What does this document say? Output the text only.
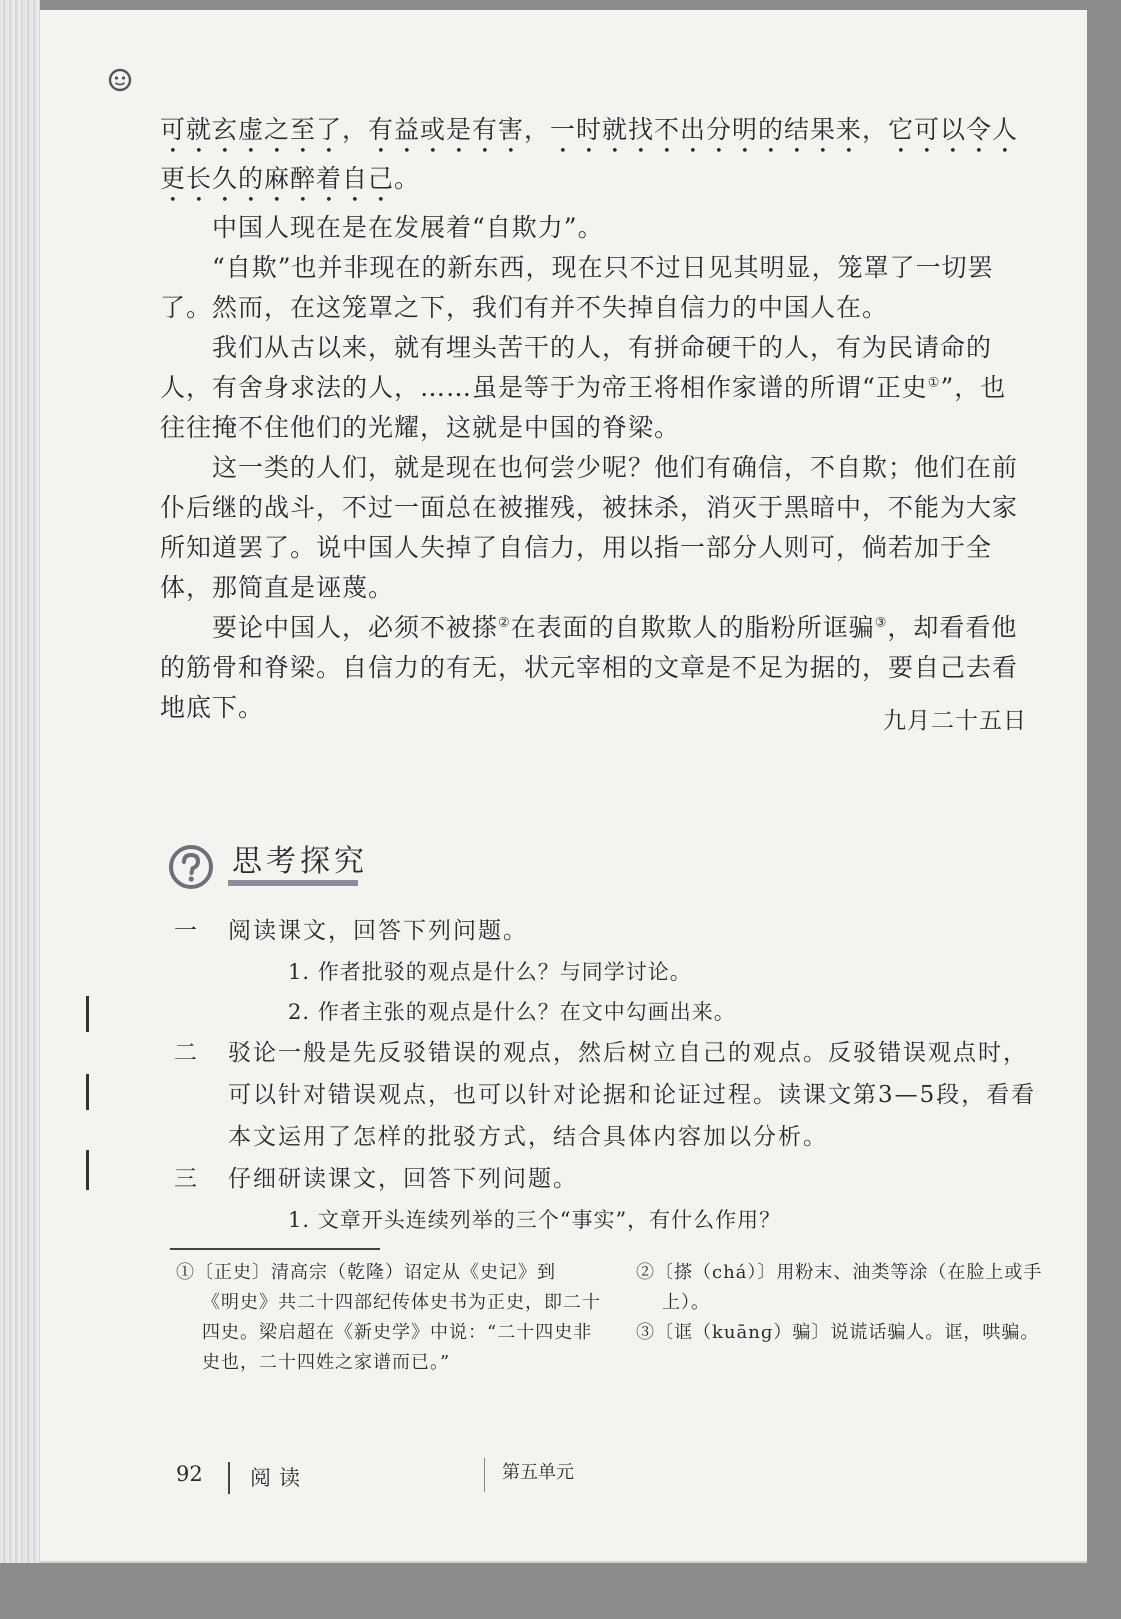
可就玄虚之至了，有益或是有害，一时就找不出分明的结果来，它可以令人更长久的麻醉着自己。

中国人现在是在发展着“自欺力”。

“自欺”也并非现在的新东西，现在只不过日见其明显，笼罩了一切罢了。然而，在这笼罩之下，我们有并不失掉自信力的中国人在。

我们从古以来，就有埋头苦干的人，有拼命硬干的人，有为民请命的人，有舍身求法的人，……虽是等于为帝王将相作家谱的所谓“正史①”，也往往掩不住他们的光耀，这就是中国的脊梁。

这一类的人们，就是现在也何尝少呢？他们有确信，不自欺；他们在前仆后继的战斗，不过一面总在被摧残，被抹杀，消灭于黑暗中，不能为大家所知道罢了。说中国人失掉了自信力，用以指一部分人则可，倘若加于全体，那简直是诬蔑。

要论中国人，必须不被搽②在表面的自欺欺人的脂粉所诓骗③，却看看他的筋骨和脊梁。自信力的有无，状元宰相的文章是不足为据的，要自己去看地底下。	九月二十五日
思考探究
一 阅读课文，回答下列问题。
1. 作者批驳的观点是什么？与同学讨论。
2. 作者主张的观点是什么？在文中勾画出来。
二 驳论一般是先反驳错误的观点，然后树立自己的观点。反驳错误观点时，可以针对错误观点，也可以针对论据和论证过程。读课文第3—5段，看看本文运用了怎样的批驳方式，结合具体内容加以分析。
三 仔细研读课文，回答下列问题。
1. 文章开头连续列举的三个“事实”，有什么作用？

①〔正史〕清高宗（乾隆）诏定从《史记》到

《明史》共二十四部纪传体史书为正史，即二十四史。梁启超在《新史学》中说：“二十四史非史也，二十四姓之家谱而已。”

②〔搽（chá）〕用粉末、油类等涂（在脸上或手

上）。

③〔诓（kuānɡ）骗〕说谎话骗人。诓，哄骗。

92 阅读	第五单元
